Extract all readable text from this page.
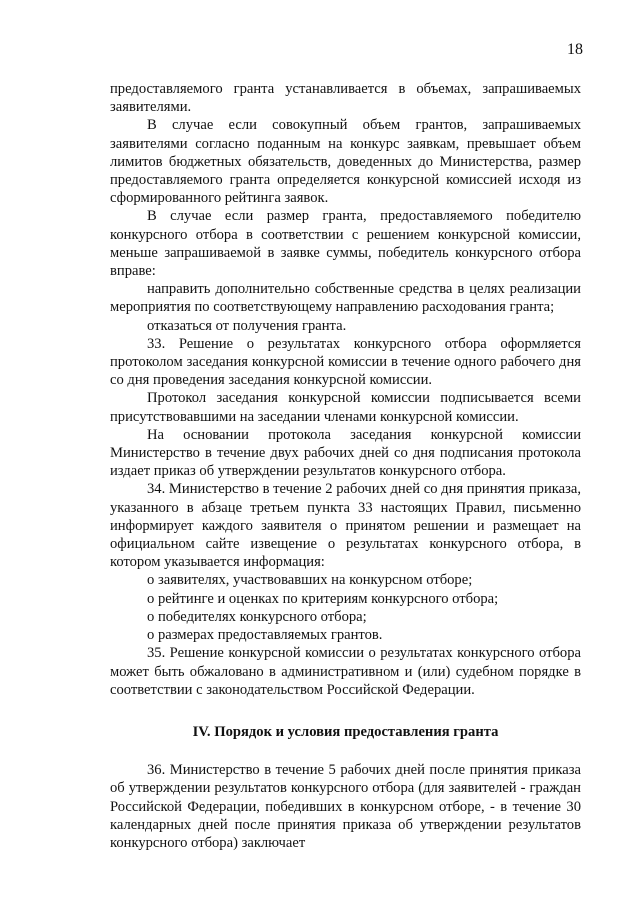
18

предоставляемого гранта устанавливается в объемах, запрашиваемых заявителями.

В случае если совокупный объем грантов, запрашиваемых заявителями согласно поданным на конкурс заявкам, превышает объем лимитов бюджетных обязательств, доведенных до Министерства, размер предоставляемого гранта определяется конкурсной комиссией исходя из сформированного рейтинга заявок.

В случае если размер гранта, предоставляемого победителю конкурсного отбора в соответствии с решением конкурсной комиссии, меньше запрашиваемой в заявке суммы, победитель конкурсного отбора вправе:

направить дополнительно собственные средства в целях реализации мероприятия по соответствующему направлению расходования гранта;

отказаться от получения гранта.

33. Решение о результатах конкурсного отбора оформляется протоколом заседания конкурсной комиссии в течение одного рабочего дня со дня проведения заседания конкурсной комиссии.

Протокол заседания конкурсной комиссии подписывается всеми присутствовавшими на заседании членами конкурсной комиссии.

На основании протокола заседания конкурсной комиссии Министерство в течение двух рабочих дней со дня подписания протокола издает приказ об утверждении результатов конкурсного отбора.

34. Министерство в течение 2 рабочих дней со дня принятия приказа, указанного в абзаце третьем пункта 33 настоящих Правил, письменно информирует каждого заявителя о принятом решении и размещает на официальном сайте извещение о результатах конкурсного отбора, в котором указывается информация:

о заявителях, участвовавших на конкурсном отборе;

о рейтинге и оценках по критериям конкурсного отбора;

о победителях конкурсного отбора;

о размерах предоставляемых грантов.

35. Решение конкурсной комиссии о результатах конкурсного отбора может быть обжаловано в административном и (или) судебном порядке в соответствии с законодательством Российской Федерации.

IV. Порядок и условия предоставления гранта

36. Министерство в течение 5 рабочих дней после принятия приказа об утверждении результатов конкурсного отбора (для заявителей - граждан Российской Федерации, победивших в конкурсном отборе, - в течение 30 календарных дней после принятия приказа об утверждении результатов конкурсного отбора) заключает
